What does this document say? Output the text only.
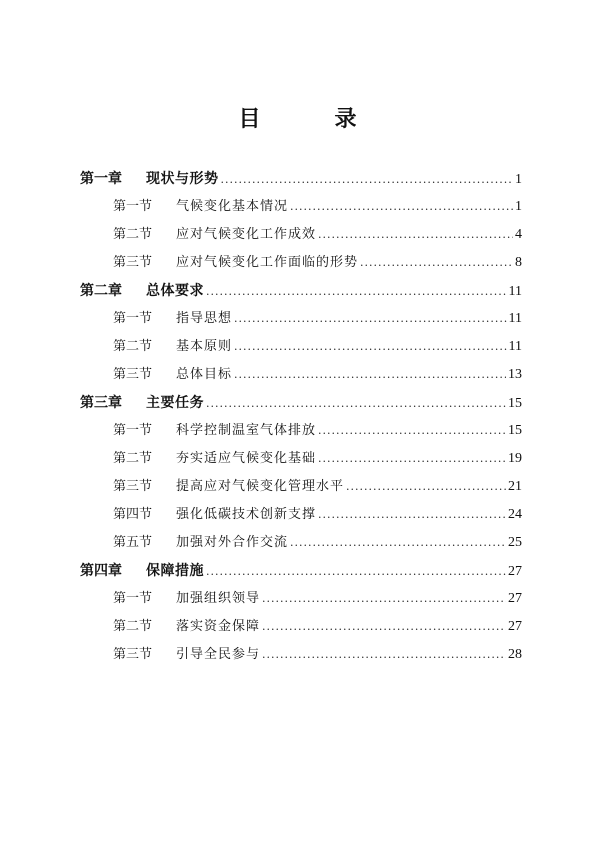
目　录
第一章	现状与形势 .....	1
第一节	气候变化基本情况 .....	1
第二节	应对气候变化工作成效 .....	4
第三节	应对气候变化工作面临的形势 .....	8
第二章	总体要求 .....	11
第一节	指导思想 .....	11
第二节	基本原则 .....	11
第三节	总体目标 .....	13
第三章	主要任务 .....	15
第一节	科学控制温室气体排放 .....	15
第二节	夯实适应气候变化基础 .....	19
第三节	提高应对气候变化管理水平 .....	21
第四节	强化低碳技术创新支撑 .....	24
第五节	加强对外合作交流 .....	25
第四章	保障措施 .....	27
第一节	加强组织领导 .....	27
第二节	落实资金保障 .....	27
第三节	引导全民参与 .....	28
